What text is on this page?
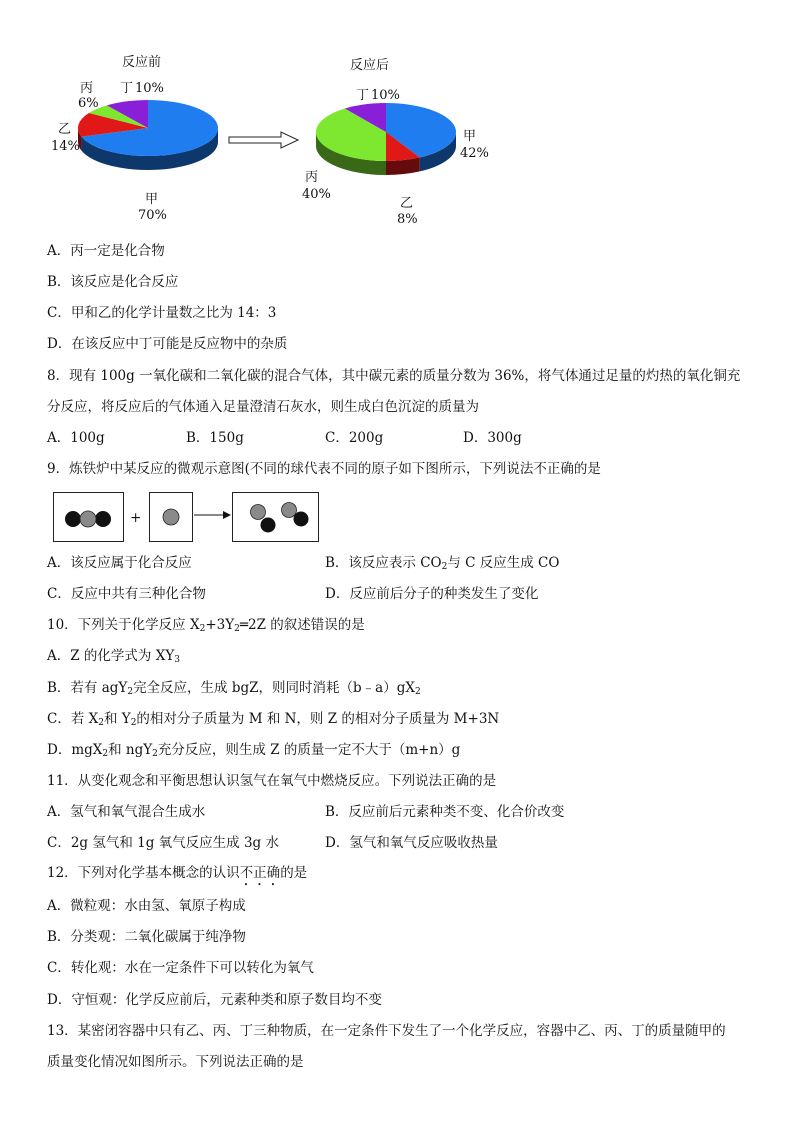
反应前
丙
6%
丁 10%
乙
14%
甲
70%
反应后
丁 10%
甲
42%
丙
40%
乙
8%
A．丙一定是化合物
B．该反应是化合反应
C．甲和乙的化学计量数之比为 14：3
D．在该反应中丁可能是反应物中的杂质
8．现有 100g 一氧化碳和二氧化碳的混合气体，其中碳元素的质量分数为 36%，将气体通过足量的灼热的氧化铜充
分反应，将反应后的气体通入足量澄清石灰水，则生成白色沉淀的质量为
A．100g	B．150g	C．200g	D．300g
9．炼铁炉中某反应的微观示意图(不同的球代表不同的原子如下图所示，下列说法不正确的是
+
A．该反应属于化合反应	B．该反应表示 $CO_2$与 C 反应生成 CO
C．反应中共有三种化合物	D．反应前后分子的种类发生了变化
10．下列关于化学反应 $X_2+3Y_2═2Z$ 的叙述错误的是
A．Z 的化学式为 $XY_3$
B．若有 agY$_2$完全反应，生成 bgZ，则同时消耗$(b﹣a)gX_2$
C．若 $X_2$和 $Y_2$的相对分子质量为 M 和 N，则 Z 的相对分子质量为 M+3N
D．mgX$_2$和 ngY$_2$充分反应，则生成 Z 的质量一定不大于（m+n）g
11．从变化观念和平衡思想认识氢气在氧气中燃烧反应。下列说法正确的是
A．氢气和氧气混合生成水	B．反应前后元素种类不变、化合价改变
C．2g 氢气和 1g 氧气反应生成 3g 水	D．氢气和氧气反应吸收热量
12．下列对化学基本概念的认识不正确的是
A．微粒观：水由氢、氧原子构成
B．分类观：二氧化碳属于纯净物
C．转化观：水在一定条件下可以转化为氧气
D．守恒观：化学反应前后，元素种类和原子数目均不变
13．某密闭容器中只有乙、丙、丁三种物质，在一定条件下发生了一个化学反应，容器中乙、丙、丁的质量随甲的
质量变化情况如图所示。下列说法正确的是
